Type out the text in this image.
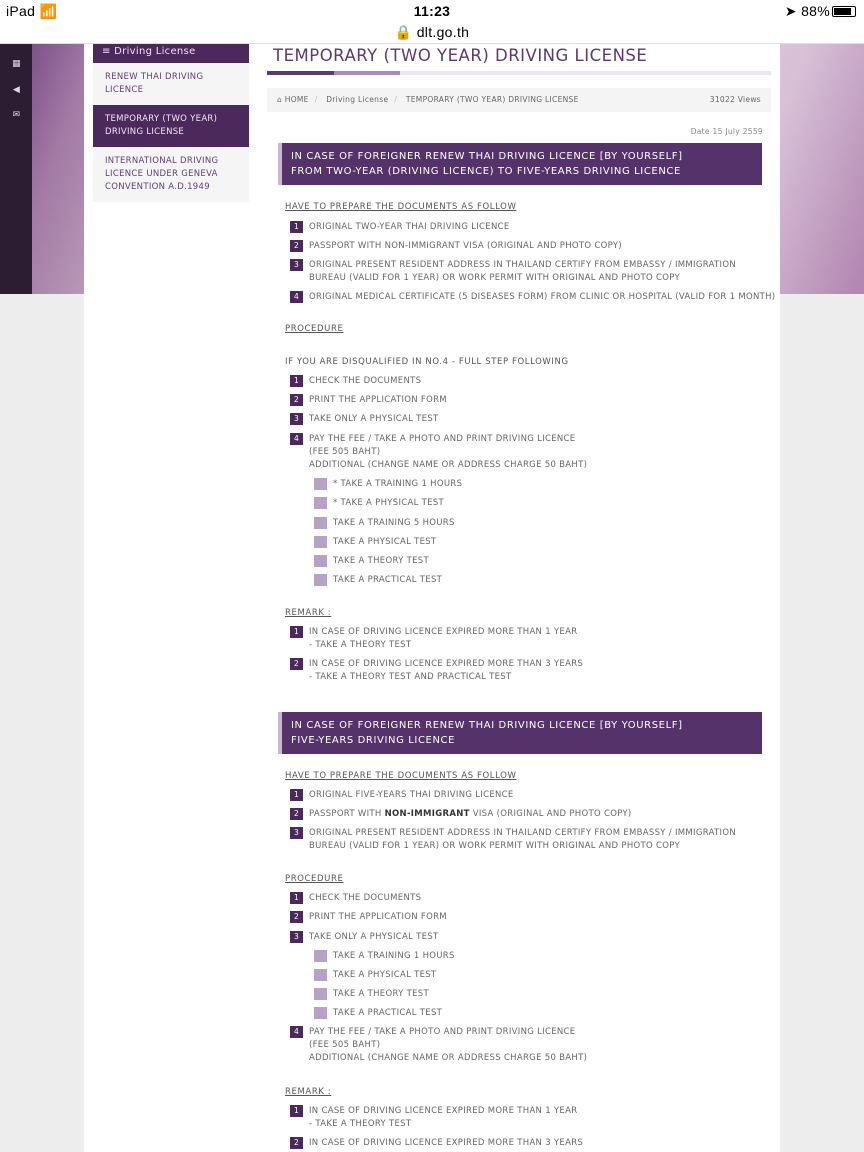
iPad 📶	11:23	➤ 88%
🔒 dlt.go.th
▦
◀
✉
≡ Driving License
RENEW THAI DRIVING LICENCE
TEMPORARY (TWO YEAR)
DRIVING LICENSE
INTERNATIONAL DRIVING
LICENCE UNDER GENEVA
CONVENTION A.D.1949
TEMPORARY (TWO YEAR) DRIVING LICENSE
⌂ HOME / Driving License / TEMPORARY (TWO YEAR) DRIVING LICENSE	31022 Views
Date 15 July 2559
IN CASE OF FOREIGNER RENEW THAI DRIVING LICENCE [BY YOURSELF]
FROM TWO-YEAR (DRIVING LICENCE) TO FIVE-YEARS DRIVING LICENCE
HAVE TO PREPARE THE DOCUMENTS AS FOLLOW
1	ORIGINAL TWO-YEAR THAI DRIVING LICENCE
2	PASSPORT WITH NON-IMMIGRANT VISA (ORIGINAL AND PHOTO COPY)
3	ORIGINAL PRESENT RESIDENT ADDRESS IN THAILAND CERTIFY FROM EMBASSY / IMMIGRATION
BUREAU (VALID FOR 1 YEAR) OR WORK PERMIT WITH ORIGINAL AND PHOTO COPY
4	ORIGINAL MEDICAL CERTIFICATE (5 DISEASES FORM) FROM CLINIC OR HOSPITAL (VALID FOR 1 MONTH)
PROCEDURE
IF YOU ARE DISQUALIFIED IN NO.4 - FULL STEP FOLLOWING
1	CHECK THE DOCUMENTS
2	PRINT THE APPLICATION FORM
3	TAKE ONLY A PHYSICAL TEST
4	PAY THE FEE / TAKE A PHOTO AND PRINT DRIVING LICENCE
(FEE 505 BAHT)
ADDITIONAL (CHANGE NAME OR ADDRESS CHARGE 50 BAHT)
* TAKE A TRAINING 1 HOURS
* TAKE A PHYSICAL TEST
TAKE A TRAINING 5 HOURS
TAKE A PHYSICAL TEST
TAKE A THEORY TEST
TAKE A PRACTICAL TEST
REMARK :
1	IN CASE OF DRIVING LICENCE EXPIRED MORE THAN 1 YEAR
- TAKE A THEORY TEST
2	IN CASE OF DRIVING LICENCE EXPIRED MORE THAN 3 YEARS
- TAKE A THEORY TEST AND PRACTICAL TEST
IN CASE OF FOREIGNER RENEW THAI DRIVING LICENCE [BY YOURSELF]
FIVE-YEARS DRIVING LICENCE
HAVE TO PREPARE THE DOCUMENTS AS FOLLOW
1	ORIGINAL FIVE-YEARS THAI DRIVING LICENCE
2	PASSPORT WITH NON-IMMIGRANT VISA (ORIGINAL AND PHOTO COPY)
3	ORIGINAL PRESENT RESIDENT ADDRESS IN THAILAND CERTIFY FROM EMBASSY / IMMIGRATION
BUREAU (VALID FOR 1 YEAR) OR WORK PERMIT WITH ORIGINAL AND PHOTO COPY
PROCEDURE
1	CHECK THE DOCUMENTS
2	PRINT THE APPLICATION FORM
3	TAKE ONLY A PHYSICAL TEST
TAKE A TRAINING 1 HOURS
TAKE A PHYSICAL TEST
TAKE A THEORY TEST
TAKE A PRACTICAL TEST
4	PAY THE FEE / TAKE A PHOTO AND PRINT DRIVING LICENCE
(FEE 505 BAHT)
ADDITIONAL (CHANGE NAME OR ADDRESS CHARGE 50 BAHT)
REMARK :
1	IN CASE OF DRIVING LICENCE EXPIRED MORE THAN 1 YEAR
- TAKE A THEORY TEST
2	IN CASE OF DRIVING LICENCE EXPIRED MORE THAN 3 YEARS
